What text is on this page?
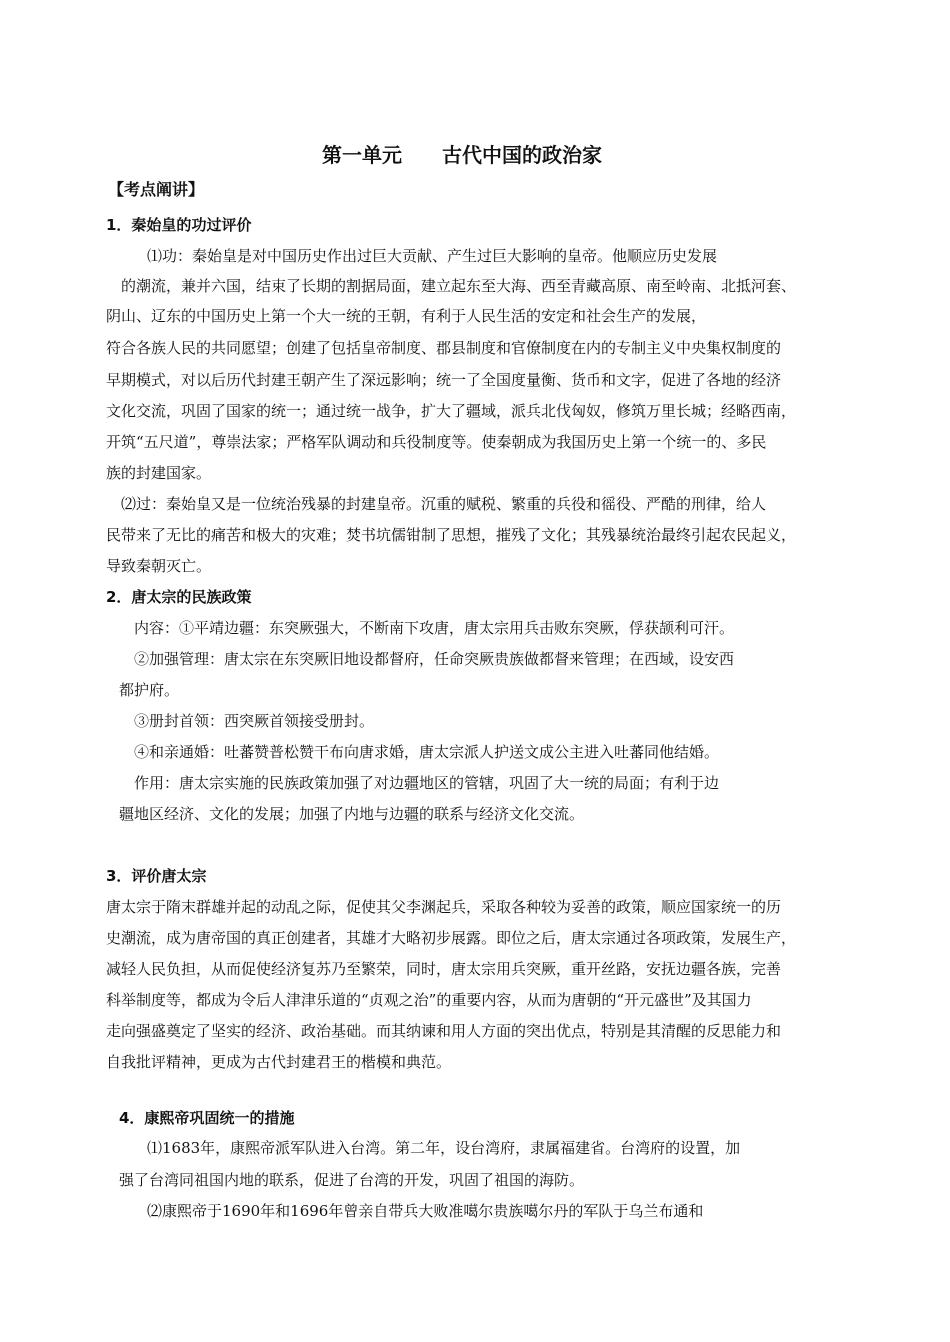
第一单元　　古代中国的政治家
【考点阐讲】
1．秦始皇的功过评价
⑴功：秦始皇是对中国历史作出过巨大贡献、产生过巨大影响的皇帝。他顺应历史发展
的潮流，兼并六国，结束了长期的割据局面，建立起东至大海、西至青藏高原、南至岭南、北抵河套、
阴山、辽东的中国历史上第一个大一统的王朝，有利于人民生活的安定和社会生产的发展，
符合各族人民的共同愿望；创建了包括皇帝制度、郡县制度和官僚制度在内的专制主义中央集权制度的
早期模式，对以后历代封建王朝产生了深远影响；统一了全国度量衡、货币和文字，促进了各地的经济
文化交流，巩固了国家的统一；通过统一战争，扩大了疆域，派兵北伐匈奴，修筑万里长城；经略西南，
开筑“五尺道”，尊崇法家；严格军队调动和兵役制度等。使秦朝成为我国历史上第一个统一的、多民
族的封建国家。
⑵过：秦始皇又是一位统治残暴的封建皇帝。沉重的赋税、繁重的兵役和徭役、严酷的刑律，给人
民带来了无比的痛苦和极大的灾难；焚书坑儒钳制了思想，摧残了文化；其残暴统治最终引起农民起义，
导致秦朝灭亡。
2．唐太宗的民族政策
内容：①平靖边疆：东突厥强大，不断南下攻唐，唐太宗用兵击败东突厥，俘获颉利可汗。
②加强管理：唐太宗在东突厥旧地设都督府，任命突厥贵族做都督来管理；在西域，设安西
都护府。
③册封首领：西突厥首领接受册封。
④和亲通婚：吐蕃赞普松赞干布向唐求婚，唐太宗派人护送文成公主进入吐蕃同他结婚。
作用：唐太宗实施的民族政策加强了对边疆地区的管辖，巩固了大一统的局面；有利于边
疆地区经济、文化的发展；加强了内地与边疆的联系与经济文化交流。
3．评价唐太宗
唐太宗于隋末群雄并起的动乱之际，促使其父李渊起兵，采取各种较为妥善的政策，顺应国家统一的历
史潮流，成为唐帝国的真正创建者，其雄才大略初步展露。即位之后，唐太宗通过各项政策，发展生产，
减轻人民负担，从而促使经济复苏乃至繁荣，同时，唐太宗用兵突厥，重开丝路，安抚边疆各族，完善
科举制度等，都成为令后人津津乐道的“贞观之治”的重要内容，从而为唐朝的“开元盛世”及其国力
走向强盛奠定了坚实的经济、政治基础。而其纳谏和用人方面的突出优点，特别是其清醒的反思能力和
自我批评精神，更成为古代封建君王的楷模和典范。
4．康熙帝巩固统一的措施
⑴1683年，康熙帝派军队进入台湾。第二年，设台湾府，隶属福建省。台湾府的设置，加
强了台湾同祖国内地的联系，促进了台湾的开发，巩固了祖国的海防。
⑵康熙帝于1690年和1696年曾亲自带兵大败准噶尔贵族噶尔丹的军队于乌兰布通和
